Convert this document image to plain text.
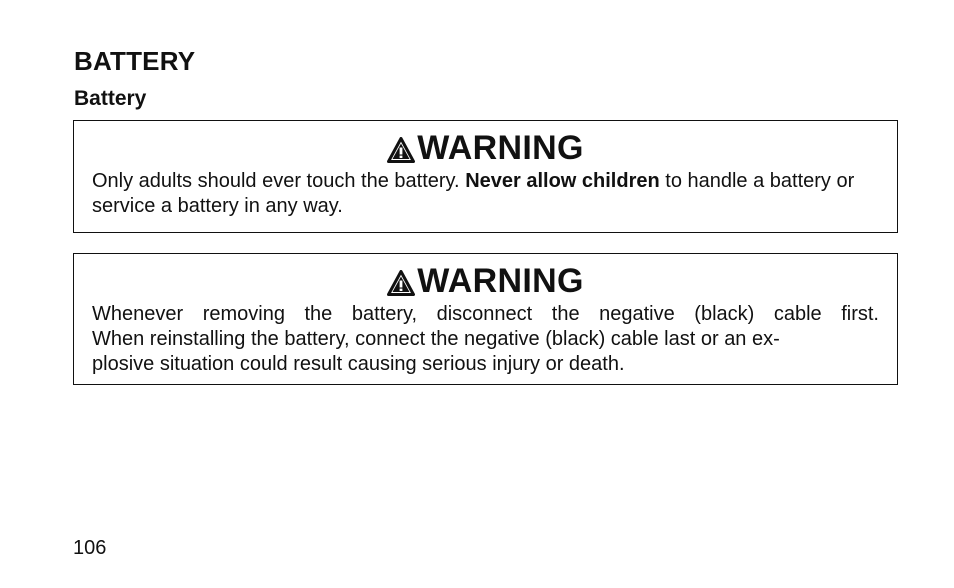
BATTERY
Battery
WARNING

Only adults should ever touch the battery. Never allow children to handle a battery or service a battery in any way.

WARNING

Whenever removing the battery, disconnect the negative (black) cable first.
When reinstalling the battery, connect the negative (black) cable last or an ex-
plosive situation could result causing serious injury or death.

106
